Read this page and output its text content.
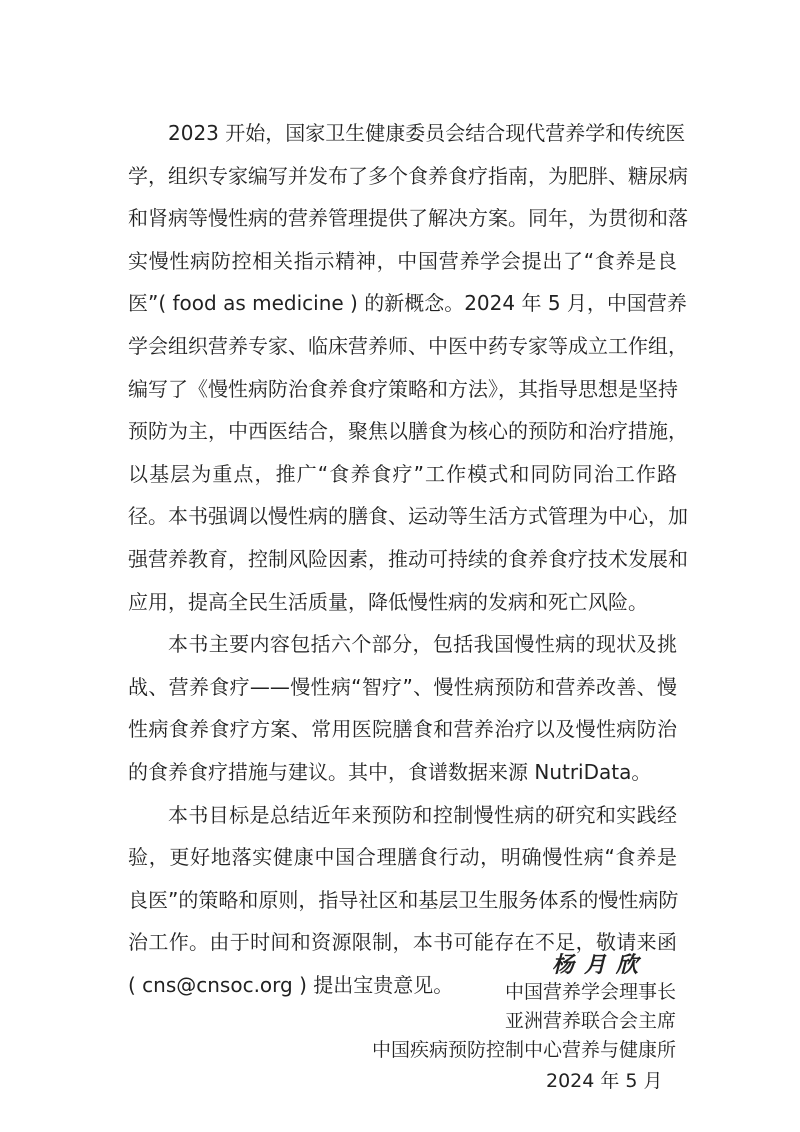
2023 开始，国家卫生健康委员会结合现代营养学和传统医
学，组织专家编写并发布了多个食养食疗指南，为肥胖、糖尿病
和肾病等慢性病的营养管理提供了解决方案。同年，为贯彻和落
实慢性病防控相关指示精神，中国营养学会提出了“食养是良
医”( food as medicine ) 的新概念。2024 年 5 月，中国营养
学会组织营养专家、临床营养师、中医中药专家等成立工作组，
编写了《慢性病防治食养食疗策略和方法》，其指导思想是坚持
预防为主，中西医结合，聚焦以膳食为核心的预防和治疗措施，
以基层为重点，推广“食养食疗”工作模式和同防同治工作路
径。本书强调以慢性病的膳食、运动等生活方式管理为中心，加
强营养教育，控制风险因素，推动可持续的食养食疗技术发展和
应用，提高全民生活质量，降低慢性病的发病和死亡风险。
本书主要内容包括六个部分，包括我国慢性病的现状及挑
战、营养食疗——慢性病“智疗”、慢性病预防和营养改善、慢
性病食养食疗方案、常用医院膳食和营养治疗以及慢性病防治
的食养食疗措施与建议。其中，食谱数据来源 NutriData。
本书目标是总结近年来预防和控制慢性病的研究和实践经
验，更好地落实健康中国合理膳食行动，明确慢性病“食养是
良医”的策略和原则，指导社区和基层卫生服务体系的慢性病防
治工作。由于时间和资源限制，本书可能存在不足，敬请来函
( cns@cnsoc.org ) 提出宝贵意见。
杨月欣
中国营养学会理事长
亚洲营养联合会主席
中国疾病预防控制中心营养与健康所
2024 年 5 月
